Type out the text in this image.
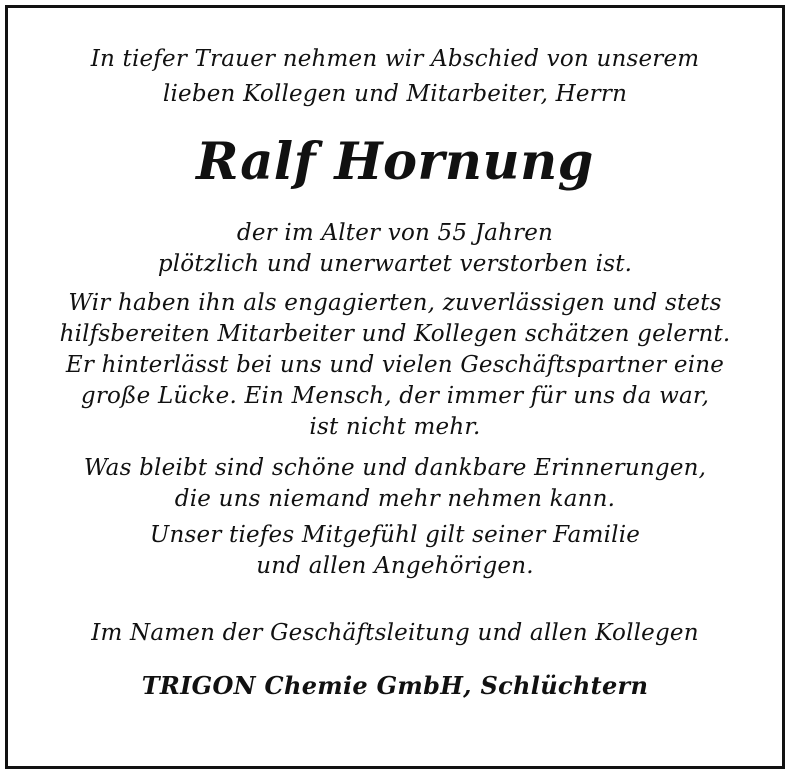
In tiefer Trauer nehmen wir Abschied von unserem
lieben Kollegen und Mitarbeiter, Herrn

Ralf Hornung

der im Alter von 55 Jahren
plötzlich und unerwartet verstorben ist.

Wir haben ihn als engagierten, zuverlässigen und stets
hilfsbereiten Mitarbeiter und Kollegen schätzen gelernt.
Er hinterlässt bei uns und vielen Geschäftspartner eine
große Lücke. Ein Mensch, der immer für uns da war,
ist nicht mehr.

Was bleibt sind schöne und dankbare Erinnerungen,
die uns niemand mehr nehmen kann.

Unser tiefes Mitgefühl gilt seiner Familie
und allen Angehörigen.

Im Namen der Geschäftsleitung und allen Kollegen

TRIGON Chemie GmbH, Schlüchtern
